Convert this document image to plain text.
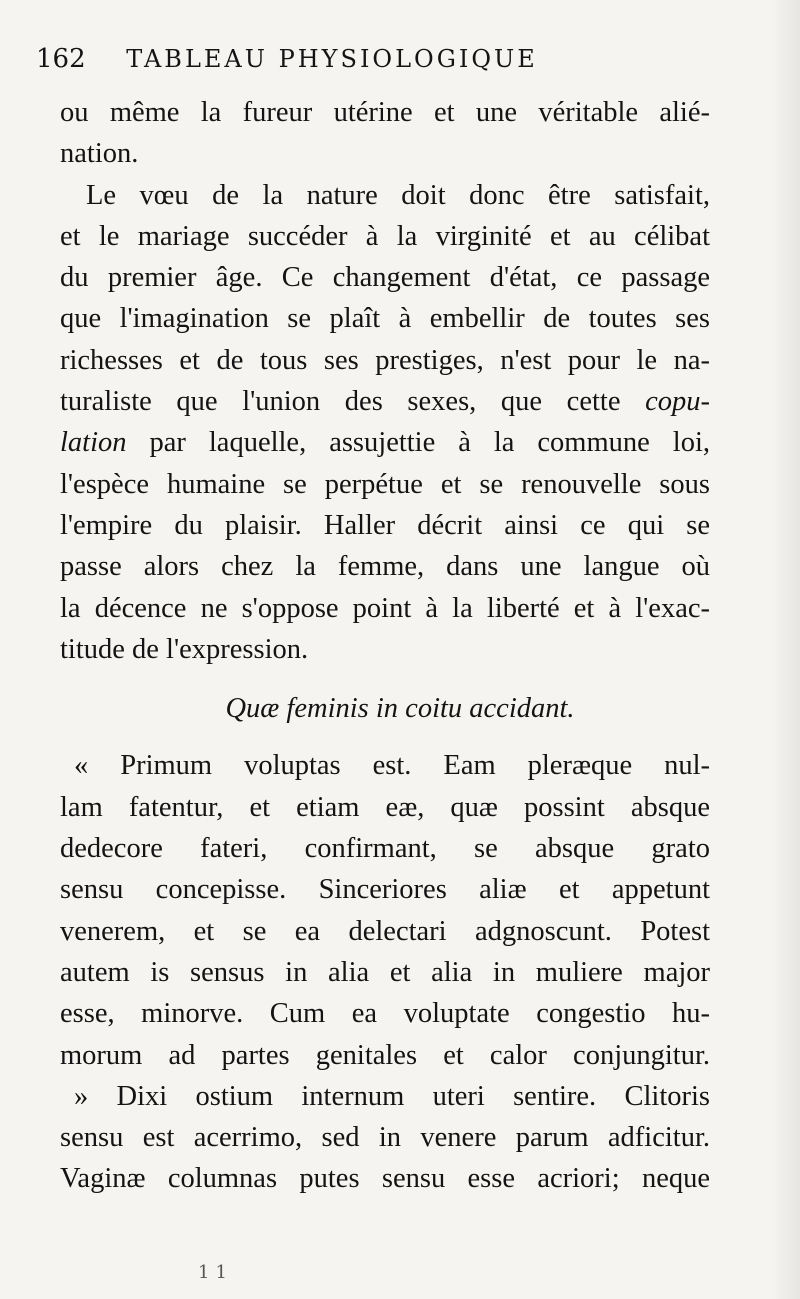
162 TABLEAU PHYSIOLOGIQUE
ou même la fureur utérine et une véritable alié-
nation.
Le vœu de la nature doit donc être satisfait,
et le mariage succéder à la virginité et au célibat
du premier âge. Ce changement d'état, ce passage
que l'imagination se plaît à embellir de toutes ses
richesses et de tous ses prestiges, n'est pour le na-
turaliste que l'union des sexes, que cette copu-
lation par laquelle, assujettie à la commune loi,
l'espèce humaine se perpétue et se renouvelle sous
l'empire du plaisir. Haller décrit ainsi ce qui se
passe alors chez la femme, dans une langue où
la décence ne s'oppose point à la liberté et à l'exac-
titude de l'expression.
Quæ feminis in coitu accidant.
« Primum voluptas est. Eam pleræque nul-
lam fatentur, et etiam eæ, quæ possint absque
dedecore fateri, confirmant, se absque grato
sensu concepisse. Sinceriores aliæ et appetunt
venerem, et se ea delectari adgnoscunt. Potest
autem is sensus in alia et alia in muliere major
esse, minorve. Cum ea voluptate congestio hu-
morum ad partes genitales et calor conjungitur.
» Dixi ostium internum uteri sentire. Clitoris
sensu est acerrimo, sed in venere parum adficitur.
Vaginæ columnas putes sensu esse acriori; neque
11
